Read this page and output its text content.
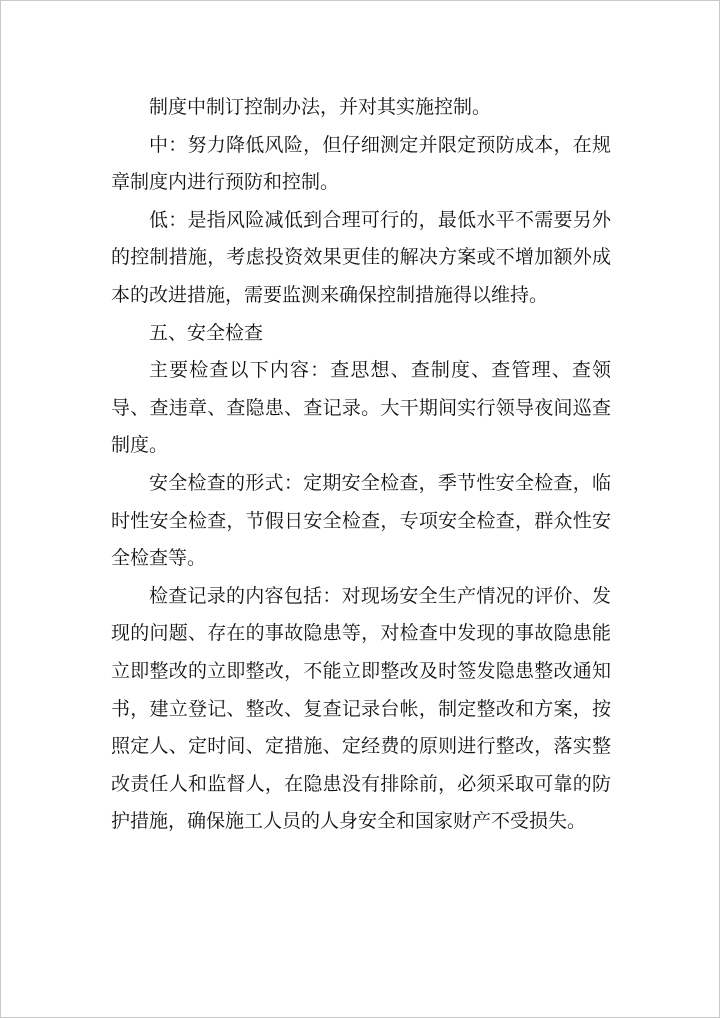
制度中制订控制办法，并对其实施控制。

中：努力降低风险，但仔细测定并限定预防成本，在规章制度内进行预防和控制。

低：是指风险减低到合理可行的，最低水平不需要另外的控制措施，考虑投资效果更佳的解决方案或不增加额外成本的改进措施，需要监测来确保控制措施得以维持。

五、安全检查

主要检查以下内容：查思想、查制度、查管理、查领导、查违章、查隐患、查记录。大干期间实行领导夜间巡查制度。

安全检查的形式：定期安全检查，季节性安全检查，临时性安全检查，节假日安全检查，专项安全检查，群众性安全检查等。

检查记录的内容包括：对现场安全生产情况的评价、发现的问题、存在的事故隐患等，对检查中发现的事故隐患能立即整改的立即整改，不能立即整改及时签发隐患整改通知书，建立登记、整改、复查记录台帐，制定整改和方案，按照定人、定时间、定措施、定经费的原则进行整改，落实整改责任人和监督人，在隐患没有排除前，必须采取可靠的防护措施，确保施工人员的人身安全和国家财产不受损失。
